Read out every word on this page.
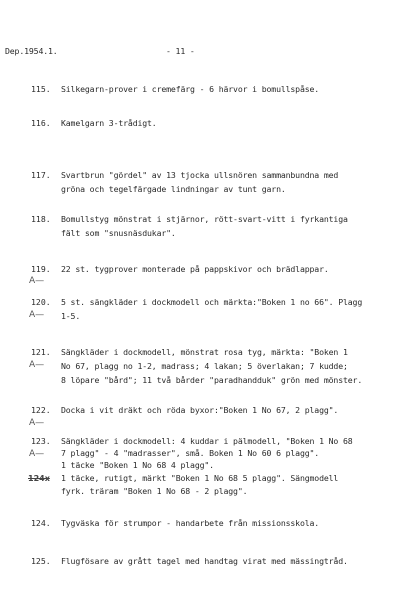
Dep.1954.1.	- 11 -
115. Silkegarn-prover i cremefärg - 6 härvor i bomullspåse.
116. Kamelgarn 3-trådigt.
117. Svartbrun "gördel" av 13 tjocka ullsnören sammanbundna med
gröna och tegelfärgade lindningar av tunt garn.
118. Bomullstyg mönstrat i stjärnor, rött-svart-vitt i fyrkantiga
fält som "snusnäsdukar".
119. 22 st. tygprover monterade på pappskivor och brädlappar.
A—
120. 5 st. sängkläder i dockmodell och märkta:"Boken 1 no 66". Plagg
1-5.
A—
121. Sängkläder i dockmodell, mönstrat rosa tyg, märkta: "Boken 1
No 67, plagg no 1-2, madrass; 4 lakan; 5 överlakan; 7 kudde;
8 löpare "bård"; 11 två bårder "paradhandduk" grön med mönster.
A—
122. Docka i vit dräkt och röda byxor:"Boken 1 No 67, 2 plagg".
A—
123. Sängkläder i dockmodell: 4 kuddar i pälmodell, "Boken 1 No 68
7 plagg" - 4 "madrasser", små. Boken 1 No 60 6 plagg".
1 täcke "Boken 1 No 68 4 plagg".
1 täcke, rutigt, märkt "Boken 1 No 68 5 plagg". Sängmodell
fyrk. träram "Boken 1 No 68 - 2 plagg".
A—
124x
124. Tygväska för strumpor - handarbete från missionsskola.
125. Flugfösare av grått tagel med handtag virat med mässingtråd.
